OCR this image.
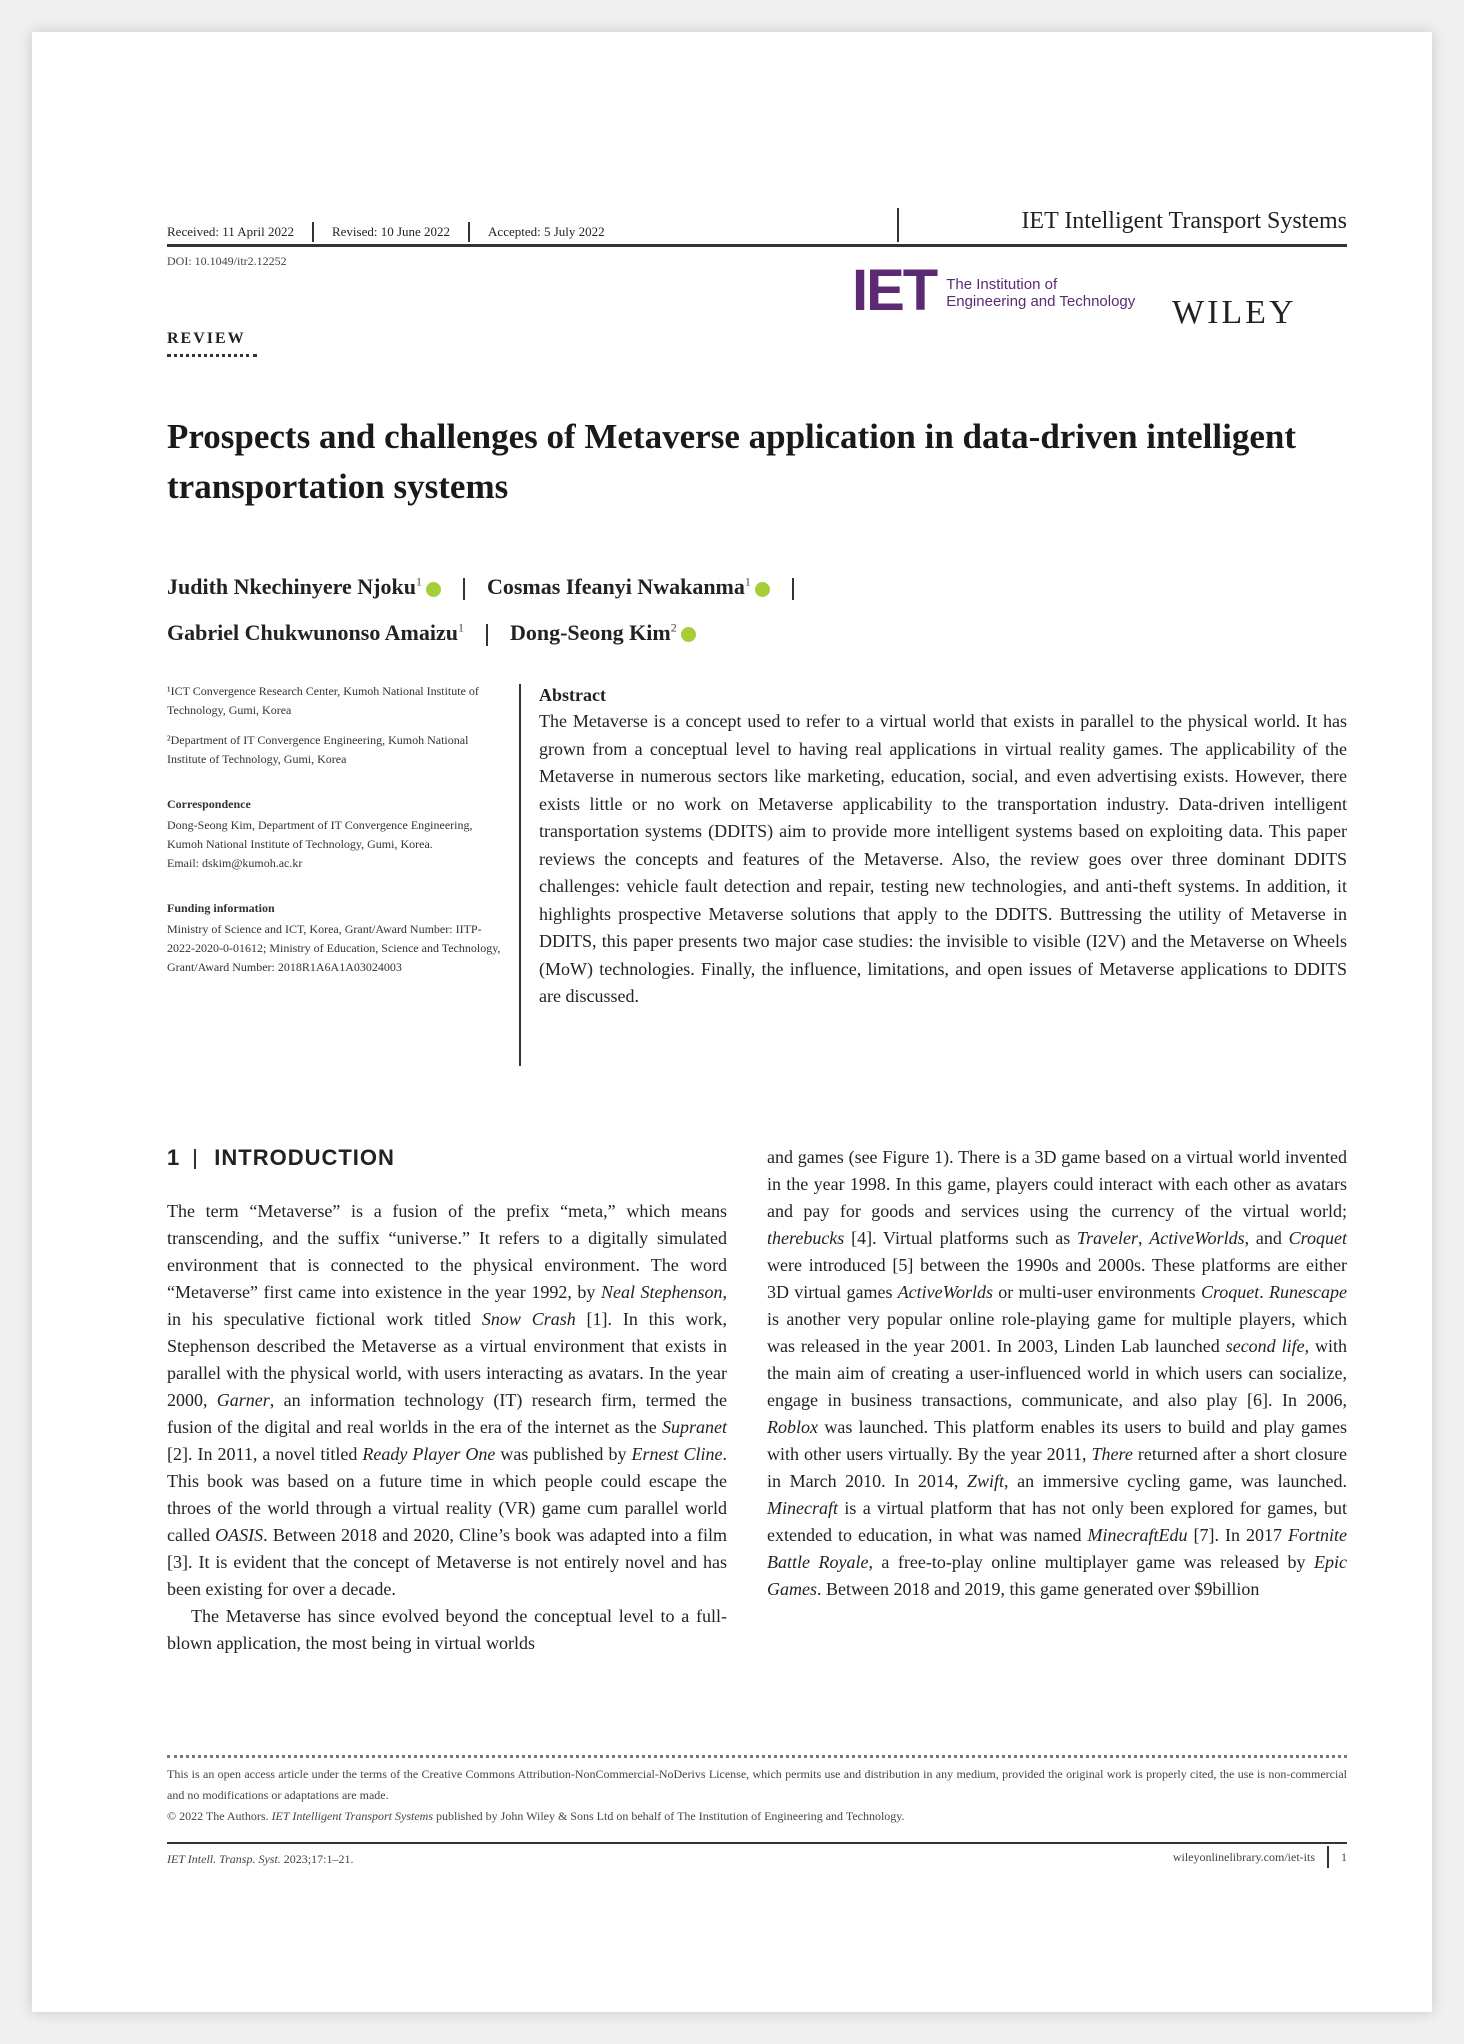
Received: 11 April 2022	Revised: 10 June 2022	Accepted: 5 July 2022	IET Intelligent Transport Systems
DOI: 10.1049/itr2.12252	IET The Institution of
Engineering and Technology WILEY
REVIEW
Prospects and challenges of Metaverse application in data-driven intelligent transportation systems
Judith Nkechinyere Njoku$^1$	Cosmas Ifeanyi Nwakanma$^1$
Gabriel Chukwunonso Amaizu$^1$ Dong-Seong Kim$^2$

¹ICT Convergence Research Center, Kumoh National Institute of Technology, Gumi, Korea

²Department of IT Convergence Engineering, Kumoh National Institute of Technology, Gumi, Korea

Correspondence

Dong-Seong Kim, Department of IT Convergence Engineering, Kumoh National Institute of Technology, Gumi, Korea.

Email: dskim@kumoh.ac.kr

Funding information

Ministry of Science and ICT, Korea, Grant/Award Number: IITP-2022-2020-0-01612; Ministry of Education, Science and Technology, Grant/Award Number: 2018R1A6A1A03024003

Abstract

The Metaverse is a concept used to refer to a virtual world that exists in parallel to the physical world. It has grown from a conceptual level to having real applications in virtual reality games. The applicability of the Metaverse in numerous sectors like marketing, education, social, and even advertising exists. However, there exists little or no work on Metaverse applicability to the transportation industry. Data-driven intelligent transportation systems (DDITS) aim to provide more intelligent systems based on exploiting data. This paper reviews the concepts and features of the Metaverse. Also, the review goes over three dominant DDITS challenges: vehicle fault detection and repair, testing new technologies, and anti-theft systems. In addition, it highlights prospective Metaverse solutions that apply to the DDITS. Buttressing the utility of Metaverse in DDITS, this paper presents two major case studies: the invisible to visible (I2V) and the Metaverse on Wheels (MoW) technologies. Finally, the influence, limitations, and open issues of Metaverse applications to DDITS are discussed.

1 INTRODUCTION

The term “Metaverse” is a fusion of the prefix “meta,” which means transcending, and the suffix “universe.” It refers to a digitally simulated environment that is connected to the physical environment. The word “Metaverse” first came into existence in the year 1992, by Neal Stephenson, in his speculative fictional work titled Snow Crash [1]. In this work, Stephenson described the Metaverse as a virtual environment that exists in parallel with the physical world, with users interacting as avatars. In the year 2000, Garner, an information technology (IT) research firm, termed the fusion of the digital and real worlds in the era of the internet as the Supranet [2]. In 2011, a novel titled Ready Player One was published by Ernest Cline. This book was based on a future time in which people could escape the throes of the world through a virtual reality (VR) game cum parallel world called OASIS. Between 2018 and 2020, Cline’s book was adapted into a film [3]. It is evident that the concept of Metaverse is not entirely novel and has been existing for over a decade.

The Metaverse has since evolved beyond the conceptual level to a full-blown application, the most being in virtual worlds

and games (see Figure 1). There is a 3D game based on a virtual world invented in the year 1998. In this game, players could interact with each other as avatars and pay for goods and services using the currency of the virtual world; therebucks [4]. Virtual platforms such as Traveler, ActiveWorlds, and Croquet were introduced [5] between the 1990s and 2000s. These platforms are either 3D virtual games ActiveWorlds or multi-user environments Croquet. Runescape is another very popular online role-playing game for multiple players, which was released in the year 2001. In 2003, Linden Lab launched second life, with the main aim of creating a user-influenced world in which users can socialize, engage in business transactions, communicate, and also play [6]. In 2006, Roblox was launched. This platform enables its users to build and play games with other users virtually. By the year 2011, There returned after a short closure in March 2010. In 2014, Zwift, an immersive cycling game, was launched. Minecraft is a virtual platform that has not only been explored for games, but extended to education, in what was named MinecraftEdu [7]. In 2017 Fortnite Battle Royale, a free-to-play online multiplayer game was released by Epic Games. Between 2018 and 2019, this game generated over $9billion

This is an open access article under the terms of the Creative Commons Attribution-NonCommercial-NoDerivs License, which permits use and distribution in any medium, provided the original work is properly cited, the use is non-commercial and no modifications or adaptations are made.

© 2022 The Authors. IET Intelligent Transport Systems published by John Wiley & Sons Ltd on behalf of The Institution of Engineering and Technology.

IET Intell. Transp. Syst. 2023;17:1–21.	wileyonlinelibrary.com/iet-its 1
